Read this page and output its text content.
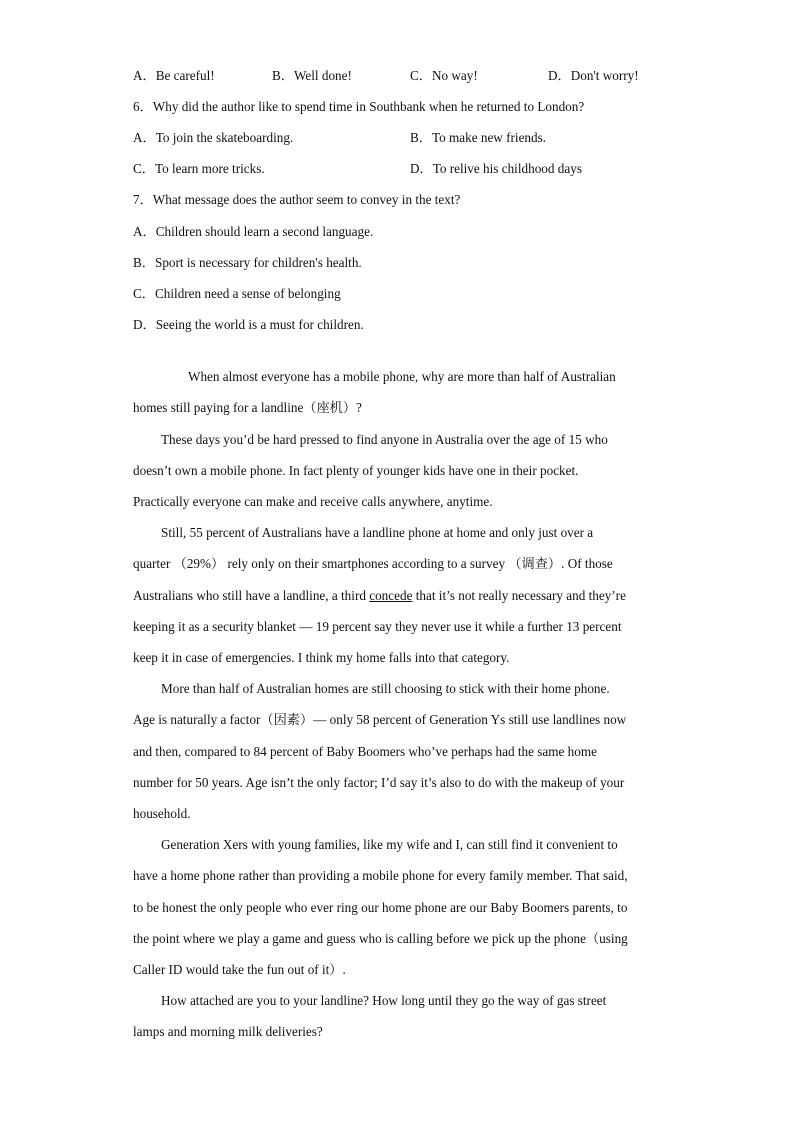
A．Be careful!	B．Well done!	C．No way!	D．Don't worry!
6．Why did the author like to spend time in Southbank when he returned to London?
A．To join the skateboarding.	B．To make new friends.
C．To learn more tricks.	D．To relive his childhood days
7．What message does the author seem to convey in the text?
A．Children should learn a second language.
B．Sport is necessary for children's health.
C．Children need a sense of belonging
D．Seeing the world is a must for children.
When almost everyone has a mobile phone, why are more than half of Australian
homes still paying for a landline（座机）?
These days you’d be hard pressed to find anyone in Australia over the age of 15 who
doesn’t own a mobile phone. In fact plenty of younger kids have one in their pocket.
Practically everyone can make and receive calls anywhere, anytime.
Still, 55 percent of Australians have a landline phone at home and only just over a
quarter （29%） rely only on their smartphones according to a survey （调查）. Of those
Australians who still have a landline, a third concede that it’s not really necessary and they’re
keeping it as a security blanket — 19 percent say they never use it while a further 13 percent
keep it in case of emergencies. I think my home falls into that category.
More than half of Australian homes are still choosing to stick with their home phone.
Age is naturally a factor（因素）— only 58 percent of Generation Ys still use landlines now
and then, compared to 84 percent of Baby Boomers who’ve perhaps had the same home
number for 50 years. Age isn’t the only factor; I’d say it’s also to do with the makeup of your
household.
Generation Xers with young families, like my wife and I, can still find it convenient to
have a home phone rather than providing a mobile phone for every family member. That said,
to be honest the only people who ever ring our home phone are our Baby Boomers parents, to
the point where we play a game and guess who is calling before we pick up the phone（using
Caller ID would take the fun out of it）.
How attached are you to your landline? How long until they go the way of gas street
lamps and morning milk deliveries?
